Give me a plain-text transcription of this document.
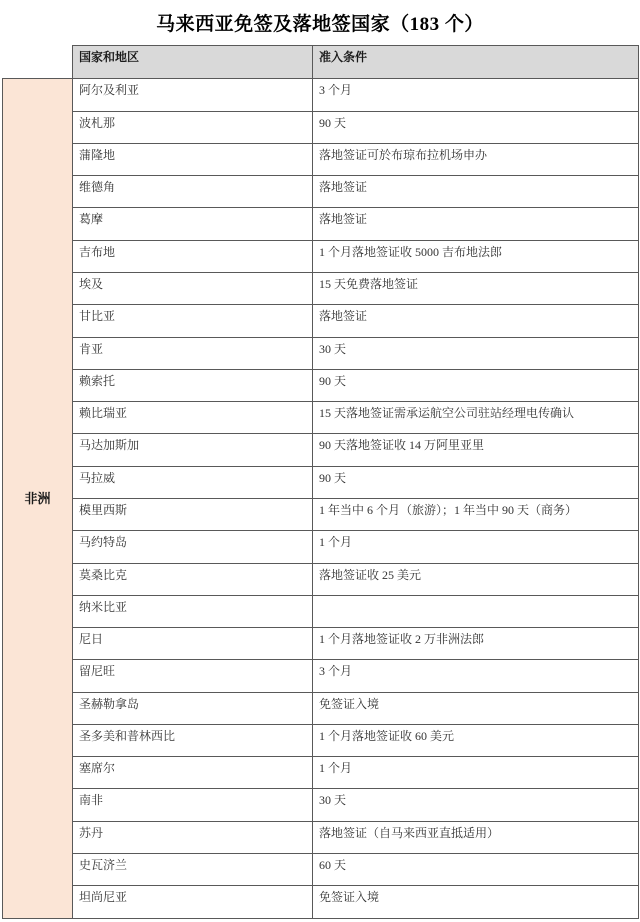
马来西亚免签及落地签国家（183 个）
	国家和地区	准入条件
非洲	阿尔及利亚	3 个月
	波札那	90 天
	蒲隆地	落地签证可於布琼布拉机场申办
	维德角	落地签证
	葛摩	落地签证
	吉布地	1 个月落地签证收 5000 吉布地法郎
	埃及	15 天免费落地签证
	甘比亚	落地签证
	肯亚	30 天
	赖索托	90 天
	赖比瑞亚	15 天落地签证需承运航空公司驻站经理电传确认
	马达加斯加	90 天落地签证收 14 万阿里亚里
	马拉威	90 天
	模里西斯	1 年当中 6 个月（旅游）；1 年当中 90 天（商务）
	马约特岛	1 个月
	莫桑比克	落地签证收 25 美元
	纳米比亚	
	尼日	1 个月落地签证收 2 万非洲法郎
	留尼旺	3 个月
	圣赫勒拿岛	免签证入境
	圣多美和普林西比	1 个月落地签证收 60 美元
	塞席尔	1 个月
	南非	30 天
	苏丹	落地签证（自马来西亚直抵适用）
	史瓦济兰	60 天
	坦尚尼亚	免签证入境
